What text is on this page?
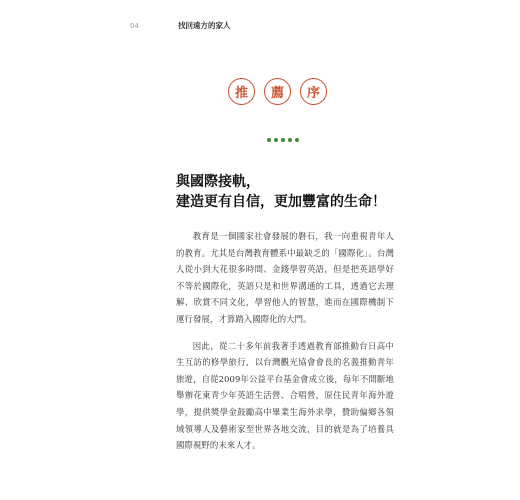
04	找回遠方的家人
推	薦	序
與國際接軌，
建造更有自信，更加豐富的生命！

教育是一個國家社會發展的磐石，我一向重視青年人的教育。尤其是台灣教育體系中最缺乏的「國際化」。台灣人從小到大花很多時間、金錢學習英語，但是把英語學好不等於國際化，英語只是和世界溝通的工具，透過它去理解、欣賞不同文化，學習他人的智慧，進而在國際機制下運行發展，才算踏入國際化的大門。

因此，從二十多年前我著手透過教育部推動台日高中生互訪的修學旅行，以台灣觀光協會會長的名義推動青年旅遊，自從2009年公益平台基金會成立後，每年不間斷地舉辦花東青少年英語生活營、合唱營，原住民青年海外遊學，提供獎學金鼓勵高中畢業生海外求學，贊助偏鄉各領域領導人及藝術家至世界各地交流，目的就是為了培養具國際視野的未來人才。
